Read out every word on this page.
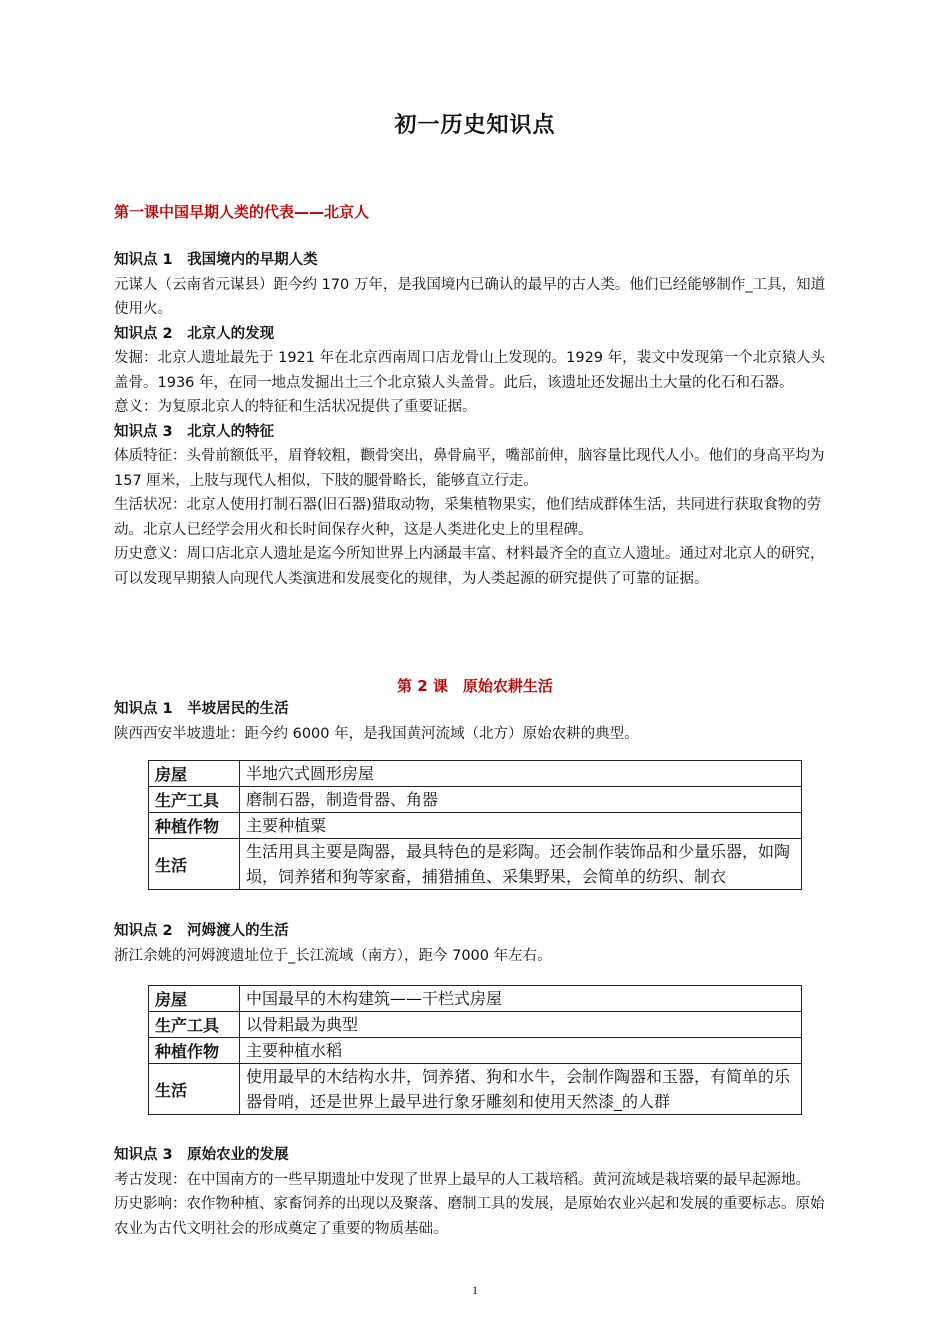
初一历史知识点
第一课中国早期人类的代表——北京人

知识点 1　我国境内的早期人类

元谋人（云南省元谋县）距今约 170 万年，是我国境内已确认的最早的古人类。他们已经能够制作_工具，知道使用火。

知识点 2　北京人的发现

发掘：北京人遗址最先于 1921 年在北京西南周口店龙骨山上发现的。1929 年，裴文中发现第一个北京猿人头盖骨。1936 年，在同一地点发掘出土三个北京猿人头盖骨。此后，该遗址还发掘出土大量的化石和石器。

意义：为复原北京人的特征和生活状况提供了重要证据。

知识点 3　北京人的特征

体质特征：头骨前额低平，眉脊较粗，颧骨突出，鼻骨扁平，嘴部前伸，脑容量比现代人小。他们的身高平均为 157 厘米，上肢与现代人相似，下肢的腿骨略长，能够直立行走。

生活状况：北京人使用打制石器(旧石器)猎取动物，采集植物果实，他们结成群体生活，共同进行获取食物的劳动。北京人已经学会用火和长时间保存火种，这是人类进化史上的里程碑。

历史意义：周口店北京人遗址是迄今所知世界上内涵最丰富、材料最齐全的直立人遗址。通过对北京人的研究，可以发现早期猿人向现代人类演进和发展变化的规律，为人类起源的研究提供了可靠的证据。

第 2 课　原始农耕生活

知识点 1　半坡居民的生活

陕西西安半坡遗址：距今约 6000 年，是我国黄河流域（北方）原始农耕的典型。

房屋	半地穴式圆形房屋
生产工具	磨制石器，制造骨器、角器
种植作物	主要种植粟
生活	生活用具主要是陶器，最具特色的是彩陶。还会制作装饰品和少量乐器，如陶埙，饲养猪和狗等家畜，捕猎捕鱼、采集野果，会简单的纺织、制衣

知识点 2　河姆渡人的生活

浙江余姚的河姆渡遗址位于_长江流域（南方），距今 7000 年左右。

房屋	中国最早的木构建筑——干栏式房屋
生产工具	以骨耜最为典型
种植作物	主要种植水稻
生活	使用最早的木结构水井，饲养猪、狗和水牛，会制作陶器和玉器，有简单的乐器骨哨，还是世界上最早进行象牙雕刻和使用天然漆_的人群

知识点 3　原始农业的发展

考古发现：在中国南方的一些早期遗址中发现了世界上最早的人工栽培稻。黄河流域是栽培粟的最早起源地。

历史影响：农作物种植、家畜饲养的出现以及聚落、磨制工具的发展，是原始农业兴起和发展的重要标志。原始农业为古代文明社会的形成奠定了重要的物质基础。

1
